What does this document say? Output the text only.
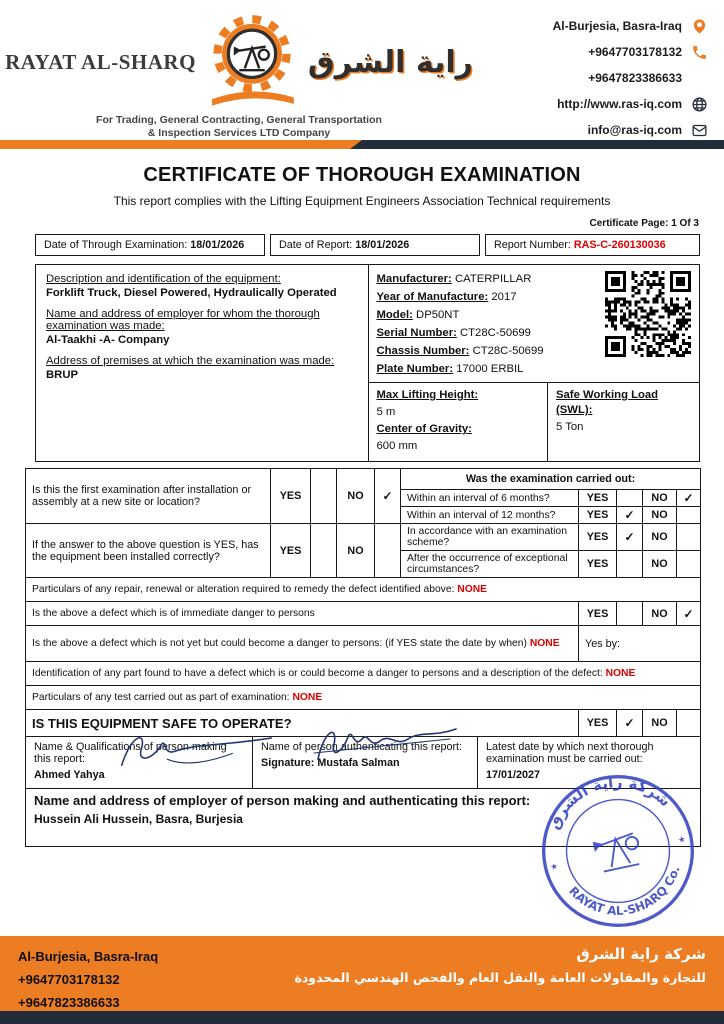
RAYAT AL-SHARQ	راية الشرق
For Trading, General Contracting, General Transportation
& Inspection Services LTD Company
Al-Burjesia, Basra-Iraq
+9647703178132
+9647823386633
http://www.ras-iq.com
info@ras-iq.com
CERTIFICATE OF THOROUGH EXAMINATION
This report complies with the Lifting Equipment Engineers Association Technical requirements
Certificate Page: 1 Of 3
Date of Through Examination: 18/01/2026	Date of Report: 18/01/2026	Report Number: RAS-C-260130036
Description and identification of the equipment:
Forklift Truck, Diesel Powered, Hydraulically Operated
Name and address of employer for whom the thorough examination was made:
Al-Taakhi -A- Company
Address of premises at which the examination was made:
BRUP
Manufacturer: CATERPILLAR
Year of Manufacture: 2017
Model: DP50NT
Serial Number: CT28C-50699
Chassis Number: CT28C-50699
Plate Number: 17000 ERBIL
Max Lifting Height:
5 m
Center of Gravity:
600 mm
Safe Working Load (SWL):
5 Ton
Is this the first examination after installation or assembly at a new site or location?	YES		NO	✓	Was the examination carried out:				
					Within an interval of 6 months?	YES		NO	✓
					Within an interval of 12 months?	YES	✓	NO	
If the answer to the above question is YES, has the equipment been installed correctly?	YES		NO		In accordance with an examination scheme?	YES	✓	NO	
					After the occurrence of exceptional circumstances?	YES		NO	
Particulars of any repair, renewal or alteration required to remedy the defect identified above: NONE									
Is the above a defect which is of immediate danger to persons						YES		NO	✓
Is the above a defect which is not yet but could become a danger to persons: (if YES state the date by when) NONE						Yes by:			
Identification of any part found to have a defect which is or could become a danger to persons and a description of the defect: NONE									
Particulars of any test carried out as part of examination: NONE									
IS THIS EQUIPMENT SAFE TO OPERATE?						YES	✓	NO	
Name & Qualifications of person making this report:
Ahmed Yahya

Name of person authenticating this report:
Signature: Mustafa Salman

Latest date by which next thorough examination must be carried out:
17/01/2027

Name and address of employer of person making and authenticating this report:
Hussein Ali Hussein, Basra, Burjesia	شركة راية الشرق
RAYAT AL-SHARQ Co.
★
★
Al-Burjesia, Basra-Iraq
+9647703178132
+9647823386633
شركة راية الشرق
للتجارة والمقاولات العامة والنقل العام والفحص الهندسي المحدودة
